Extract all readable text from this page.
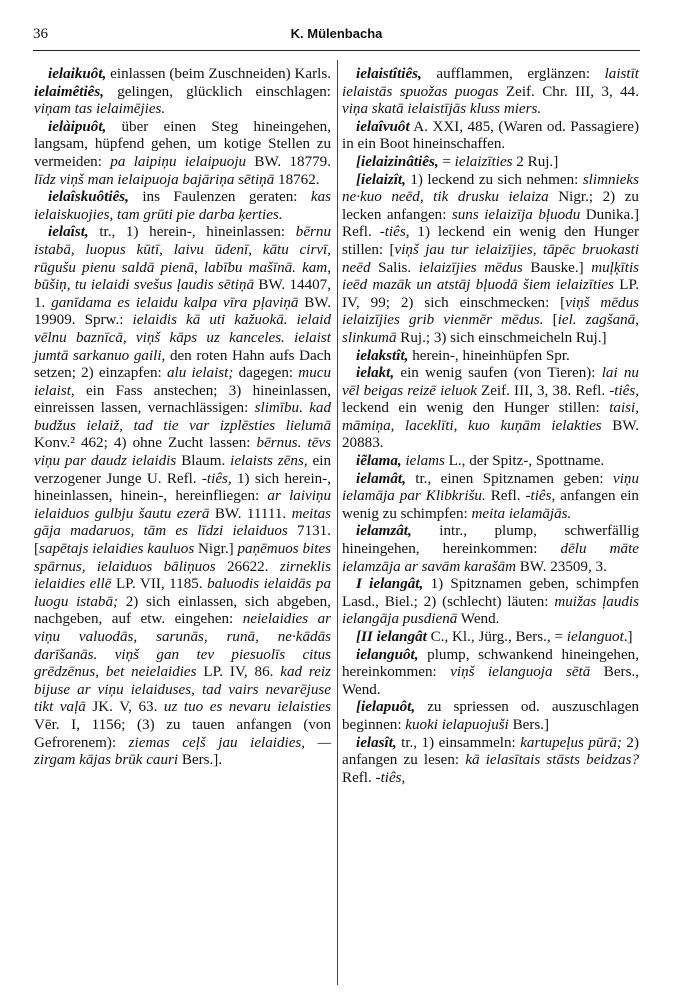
36	K. Mülenbacha

ielaikuôt, einlassen (beim Zuschneiden) Karls. ielaimêtiês, gelingen, glücklich einschlagen: viņam tas ielaimējies.

ielàipuôt, über einen Steg hineingehen, langsam, hüpfend gehen, um kotige Stellen zu vermeiden: pa laipiņu ielaipuoju BW. 18779. līdz viņš man ielaipuoja bajāriņa sētiņā 18762.

ielaîskuôtiês, ins Faulenzen geraten: kas ielaiskuojies, tam grūti pie darba ķerties.

ielaîst, tr., 1) herein-, hineinlassen: bērnu istabā, luopus kūtī, laivu ūdenī, kātu cirvī, rūgušu pienu saldā pienā, labību mašīnā. kam, būšiņ, tu ielaidi svešus ļaudis sētiņā BW. 14407, 1. ganīdama es ielaidu kalpa vīra pļaviņā BW. 19909. Sprw.: ielaidis kā uti kažuokā. ielaid vēlnu baznīcā, viņš kāps uz kanceles. ielaist jumtā sarkanuo gaili, den roten Hahn aufs Dach setzen; 2) einzapfen: alu ielaist; dagegen: mucu ielaist, ein Fass anstechen; 3) hineinlassen, einreissen lassen, vernachlässigen: slimību. kad budžus ielaiž, tad tie var izplēsties lielumā Konv.² 462; 4) ohne Zucht lassen: bērnus. tēvs viņu par daudz ielaidis Blaum. ielaists zēns, ein verzogener Junge U. Refl. -tiês, 1) sich herein-, hineinlassen, hinein-, hereinfliegen: ar laiviņu ielaiduos gulbju šautu ezerā BW. 11111. meitas gāja madaruos, tām es līdzi ielaiduos 7131. [sapētajs ielaidies kauluos Nigr.] paņēmuos bites spārnus, ielaiduos bāliņuos 26622. zirneklis ielaidies ellē LP. VII, 1185. baluodis ielaidās pa luogu istabā; 2) sich einlassen, sich abgeben, nachgeben, auf etw. eingehen: neielaidies ar viņu valuodās, sarunās, runā, ne·kādās darīšanās. viņš gan tev piesuolīs citus grēdzēnus, bet neielaidies LP. IV, 86. kad reiz bijuse ar viņu ielaiduses, tad vairs nevarējuse tikt vaļā JK. V, 63. uz tuo es nevaru ielaisties Vēr. I, 1156; (3) zu tauen anfangen (von Gefrorenem): ziemas ceļš jau ielaidies, — zirgam kājas brūk cauri Bers.].

ielaistîtiês, aufflammen, erglänzen: laistīt ielaistās spuožas puogas Zeif. Chr. III, 3, 44. viņa skatā ielaistījās kluss miers.

ielaîvuôt A. XXI, 485, (Waren od. Passagiere) in ein Boot hineinschaffen.

[ielaizinâtiês, = ielaizīties 2 Ruj.]

[ielaizît, 1) leckend zu sich nehmen: slimnieks ne·kuo neēd, tik drusku ielaiza Nigr.; 2) zu lecken anfangen: suns ielaizīja bļuodu Dunika.] Refl. -tiês, 1) leckend ein wenig den Hunger stillen: [viņš jau tur ielaizījies, tāpēc bruokasti neēd Salis. ielaizījies mēdus Bauske.] muļķītis ieēd mazāk un atstāj bļuodā šiem ielaizīties LP. IV, 99; 2) sich einschmecken: [viņš mēdus ielaizījies grib vienmēr mēdus. [iel. zagšanā, slinkumā Ruj.; 3) sich einschmeicheln Ruj.]

ielakstît, herein-, hineinhüpfen Spr.

ielakt, ein wenig saufen (von Tieren): lai nu vēl beigas reizē ieluok Zeif. III, 3, 38. Refl. -tiês, leckend ein wenig den Hunger stillen: taisi, māmiņa, laceklīti, kuo kuņām ielakties BW. 20883.

iẽlama, ielams L., der Spitz-, Spottname.

ielamât, tr., einen Spitznamen geben: viņu ielamāja par Klibkrišu. Refl. -tiês, anfangen ein wenig zu schimpfen: meita ielamājās.

ielamzât, intr., plump, schwerfällig hineingehen, hereinkommen: dēlu māte ielamzāja ar savām karašām BW. 23509, 3.

I ielangât, 1) Spitznamen geben, schimpfen Lasd., Biel.; 2) (schlecht) läuten: muižas ļaudis ielangāja pusdienā Wend.

[II ielangât C., Kl., Jürg., Bers., = ielanguot.]

ielanguôt, plump, schwankend hineingehen, hereinkommen: viņš ielanguoja sētā Bers., Wend.

[ielapuôt, zu spriessen od. auszuschlagen beginnen: kuoki ielapuojuši Bers.]

ielasît, tr., 1) einsammeln: kartupeļus pūrā; 2) anfangen zu lesen: kā ielasītais stāsts beidzas? Refl. -tiês,
